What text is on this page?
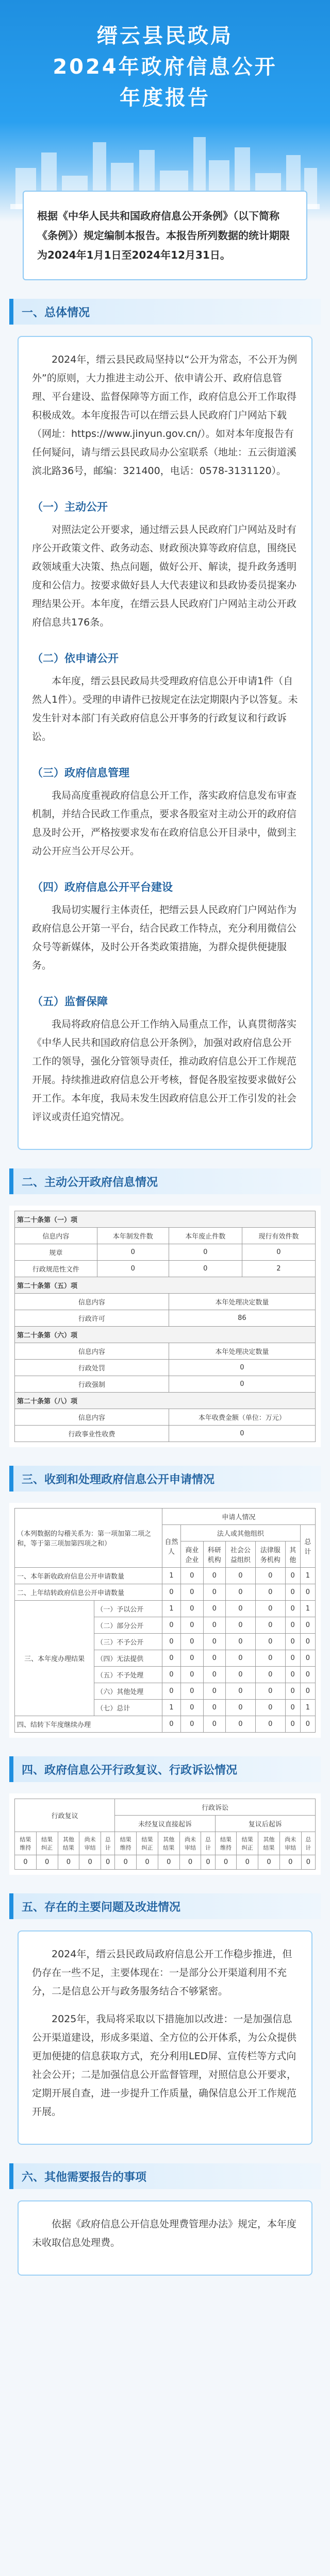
缙云县民政局
2024年政府信息公开
年度报告
根据《中华人民共和国政府信息公开条例》（以下简称《条例》）规定编制本报告。本报告所列数据的统计期限为2024年1月1日至2024年12月31日。
一、总体情况

2024年，缙云县民政局坚持以“公开为常态，不公开为例外”的原则，大力推进主动公开、依申请公开、政府信息管理、平台建设、监督保障等方面工作，政府信息公开工作取得积极成效。本年度报告可以在缙云县人民政府门户网站下载（网址：https://www.jinyun.gov.cn/）。如对本年度报告有任何疑问，请与缙云县民政局办公室联系（地址：五云街道溪滨北路36号，邮编：321400，电话：0578-3131120）。

（一）主动公开

对照法定公开要求，通过缙云县人民政府门户网站及时有序公开政策文件、政务动态、财政预决算等政府信息，围绕民政领域重大决策、热点问题，做好公开、解读，提升政务透明度和公信力。按要求做好县人大代表建议和县政协委员提案办理结果公开。本年度，在缙云县人民政府门户网站主动公开政府信息共176条。

（二）依申请公开

本年度，缙云县民政局共受理政府信息公开申请1件（自然人1件）。受理的申请件已按规定在法定期限内予以答复。未发生针对本部门有关政府信息公开事务的行政复议和行政诉讼。

（三）政府信息管理

我局高度重视政府信息公开工作，落实政府信息发布审查机制，并结合民政工作重点，要求各股室对主动公开的政府信息及时公开，严格按要求发布在政府信息公开目录中，做到主动公开应当公开尽公开。

（四）政府信息公开平台建设

我局切实履行主体责任，把缙云县人民政府门户网站作为政府信息公开第一平台，结合民政工作特点，充分利用微信公众号等新媒体，及时公开各类政策措施，为群众提供便捷服务。

（五）监督保障

我局将政府信息公开工作纳入局重点工作，认真贯彻落实《中华人民共和国政府信息公开条例》，加强对政府信息公开工作的领导，强化分管领导责任，推动政府信息公开工作规范开展。持续推进政府信息公开考核，督促各股室按要求做好公开工作。本年度，我局未发生因政府信息公开工作引发的社会评议或责任追究情况。

二、主动公开政府信息情况
第二十条第（一）项			
信息内容	本年制发件数	本年废止件数	现行有效件数
规章	0	0	0
行政规范性文件	0	0	2
第二十条第（五）项			
信息内容		本年处理决定数量	
行政许可		86	
第二十条第（六）项			
信息内容		本年处理决定数量	
行政处罚		0	
行政强制		0	
第二十条第（八）项			
信息内容		本年收费金额（单位：万元）	
行政事业性收费		0	
三、收到和处理政府信息公开申请情况
（本列数据的勾稽关系为：第一项加第二项之和，等于第三项加第四项之和）		申请人情况						
		自然人	法人或其他组织					总计
			商业企业	科研机构	社会公益组织	法律服务机构	其他	
一、本年新收政府信息公开申请数量		1	0	0	0	0	0	1
二、上年结转政府信息公开申请数量		0	0	0	0	0	0	0
三、本年度办理结果	（一）予以公开	1	0	0	0	0	0	1
	（二）部分公开	0	0	0	0	0	0	0
	（三）不予公开	0	0	0	0	0	0	0
	（四）无法提供	0	0	0	0	0	0	0
	（五）不予处理	0	0	0	0	0	0	0
	（六）其他处理	0	0	0	0	0	0	0
	（七）总计	1	0	0	0	0	0	1
四、结转下年度继续办理		0	0	0	0	0	0	0
四、政府信息公开行政复议、行政诉讼情况
行政复议					行政诉讼									
					未经复议直接起诉					复议后起诉				
结果维持	结果纠正	其他结果	尚未审结	总计	结果维持	结果纠正	其他结果	尚未审结	总计	结果维持	结果纠正	其他结果	尚未审结	总计
0	0	0	0	0	0	0	0	0	0	0	0	0	0	0
五、存在的主要问题及改进情况

2024年，缙云县民政局政府信息公开工作稳步推进，但仍存在一些不足，主要体现在：一是部分公开渠道利用不充分，二是信息公开与政务服务结合不够紧密。

2025年，我局将采取以下措施加以改进：一是加强信息公开渠道建设，形成多渠道、全方位的公开体系，为公众提供更加便捷的信息获取方式，充分利用LED屏、宣传栏等方式向社会公开；二是加强信息公开监督管理，对照信息公开要求，定期开展自查，进一步提升工作质量，确保信息公开工作规范开展。

六、其他需要报告的事项

依据《政府信息公开信息处理费管理办法》规定，本年度未收取信息处理费。
